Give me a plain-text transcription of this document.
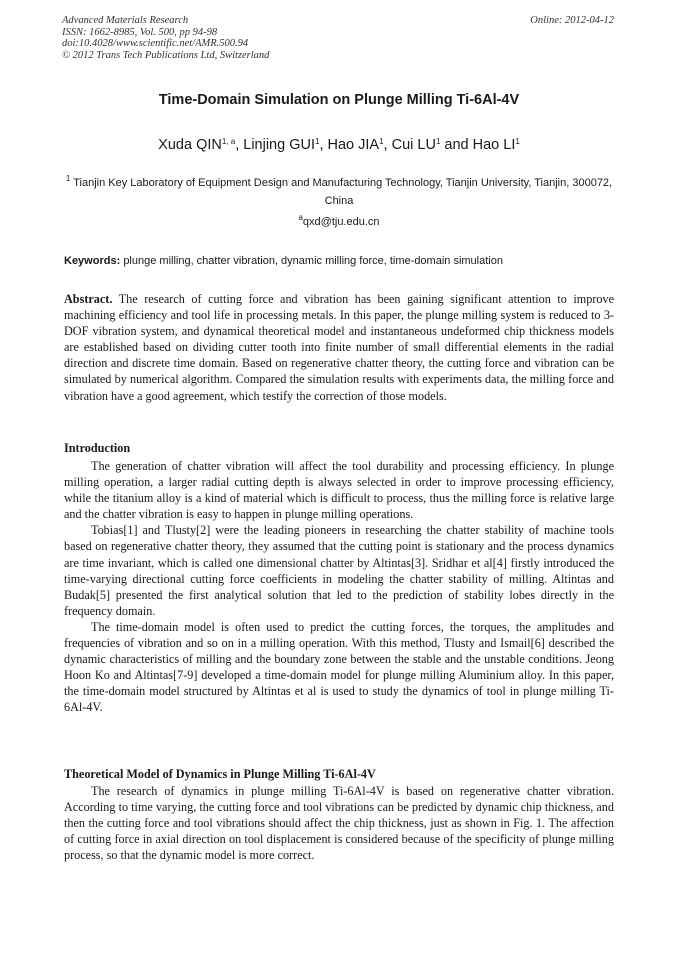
Advanced Materials Research
ISSN: 1662-8985, Vol. 500, pp 94-98
doi:10.4028/www.scientific.net/AMR.500.94
© 2012 Trans Tech Publications Ltd, Switzerland
Online: 2012-04-12
Time-Domain Simulation on Plunge Milling Ti-6Al-4V
Xuda QIN$^{1, a}$, Linjing GUI$^1$, Hao JIA$^1$, Cui $LU^1$ and Hao $LI^1$
$^1$ Tianjin Key Laboratory of Equipment Design and Manufacturing Technology, Tianjin University, Tianjin, 300072, China
$^a$qxd@tju.edu.cn
Keywords: plunge milling, chatter vibration, dynamic milling force, time-domain simulation

Abstract. The research of cutting force and vibration has been gaining significant attention to improve machining efficiency and tool life in processing metals. In this paper, the plunge milling system is reduced to 3-DOF vibration system, and dynamical theoretical model and instantaneous undeformed chip thickness models are established based on dividing cutter tooth into finite number of small differential elements in the radial direction and discrete time domain. Based on regenerative chatter theory, the cutting force and vibration can be simulated by numerical algorithm. Compared the simulation results with experiments data, the milling force and vibration have a good agreement, which testify the correction of those models.

Introduction

The generation of chatter vibration will affect the tool durability and processing efficiency. In plunge milling operation, a larger radial cutting depth is always selected in order to improve processing efficiency, while the titanium alloy is a kind of material which is difficult to process, thus the milling force is relative large and the chatter vibration is easy to happen in plunge milling operations.

Tobias[1] and Tlusty[2] were the leading pioneers in researching the chatter stability of machine tools based on regenerative chatter theory, they assumed that the cutting point is stationary and the process dynamics are time invariant, which is called one dimensional chatter by Altintas[3]. Sridhar et al[4] firstly introduced the time-varying directional cutting force coefficients in modeling the chatter stability of milling. Altintas and Budak[5] presented the first analytical solution that led to the prediction of stability lobes directly in the frequency domain.

The time-domain model is often used to predict the cutting forces, the torques, the amplitudes and frequencies of vibration and so on in a milling operation. With this method, Tlusty and Ismail[6] described the dynamic characteristics of milling and the boundary zone between the stable and the unstable conditions. Jeong Hoon Ko and Altintas[7-9] developed a time-domain model for plunge milling Aluminium alloy. In this paper, the time-domain model structured by Altintas et al is used to study the dynamics of tool in plunge milling Ti-6Al-4V.

Theoretical Model of Dynamics in Plunge Milling Ti-6Al-4V

The research of dynamics in plunge milling Ti-6Al-4V is based on regenerative chatter vibration. According to time varying, the cutting force and tool vibrations can be predicted by dynamic chip thickness, and then the cutting force and tool vibrations should affect the chip thickness, just as shown in Fig. 1. The affection of cutting force in axial direction on tool displacement is considered because of the specificity of plunge milling process, so that the dynamic model is more correct.
